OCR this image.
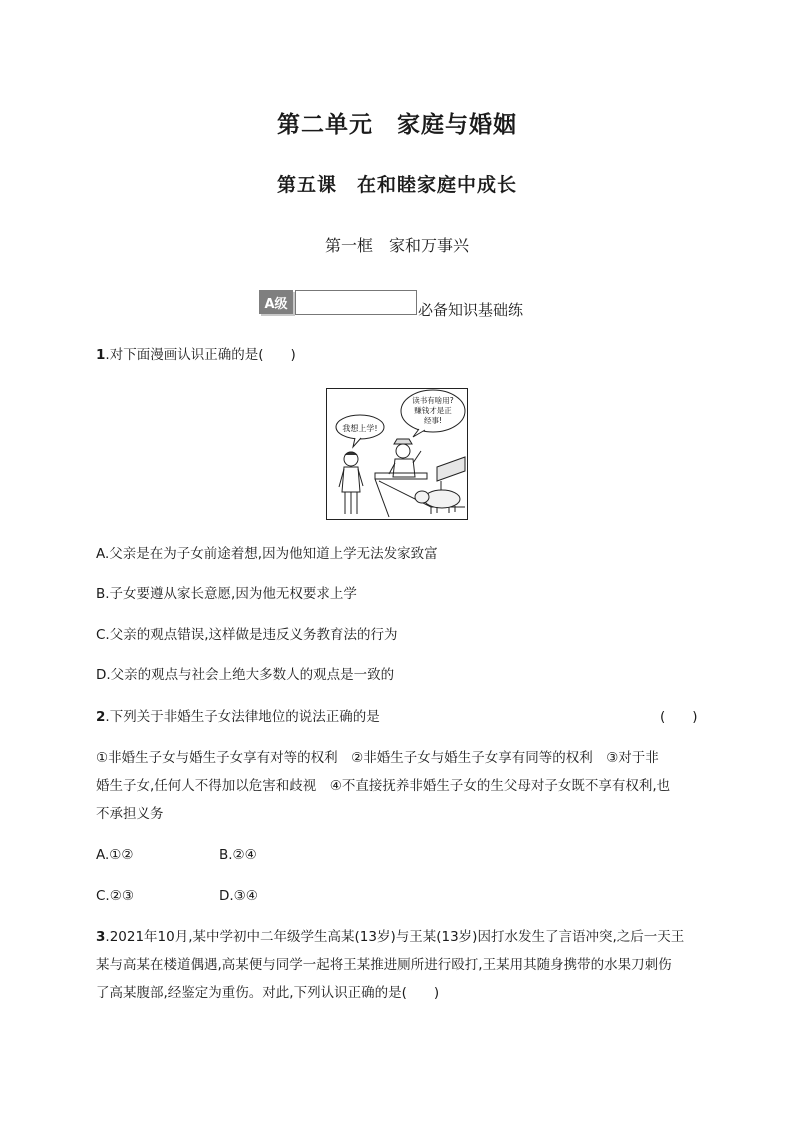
第二单元　家庭与婚姻
第五课　在和睦家庭中成长
第一框　家和万事兴
A级	必备知识基础练
1.对下面漫画认识正确的是(　　)
我想上学!
读书有啥用?
赚钱才是正
经事!
A.父亲是在为子女前途着想,因为他知道上学无法发家致富
B.子女要遵从家长意愿,因为他无权要求上学
C.父亲的观点错误,这样做是违反义务教育法的行为
D.父亲的观点与社会上绝大多数人的观点是一致的
2.下列关于非婚生子女法律地位的说法正确的是	(　　)
①非婚生子女与婚生子女享有对等的权利　②非婚生子女与婚生子女享有同等的权利　③对于非
婚生子女,任何人不得加以危害和歧视　④不直接抚养非婚生子女的生父母对子女既不享有权利,也
不承担义务
A.①②	B.②④
C.②③	D.③④
3.2021年10月,某中学初中二年级学生高某(13岁)与王某(13岁)因打水发生了言语冲突,之后一天王
某与高某在楼道偶遇,高某便与同学一起将王某推进厕所进行殴打,王某用其随身携带的水果刀刺伤
了高某腹部,经鉴定为重伤。对此,下列认识正确的是(　　)
